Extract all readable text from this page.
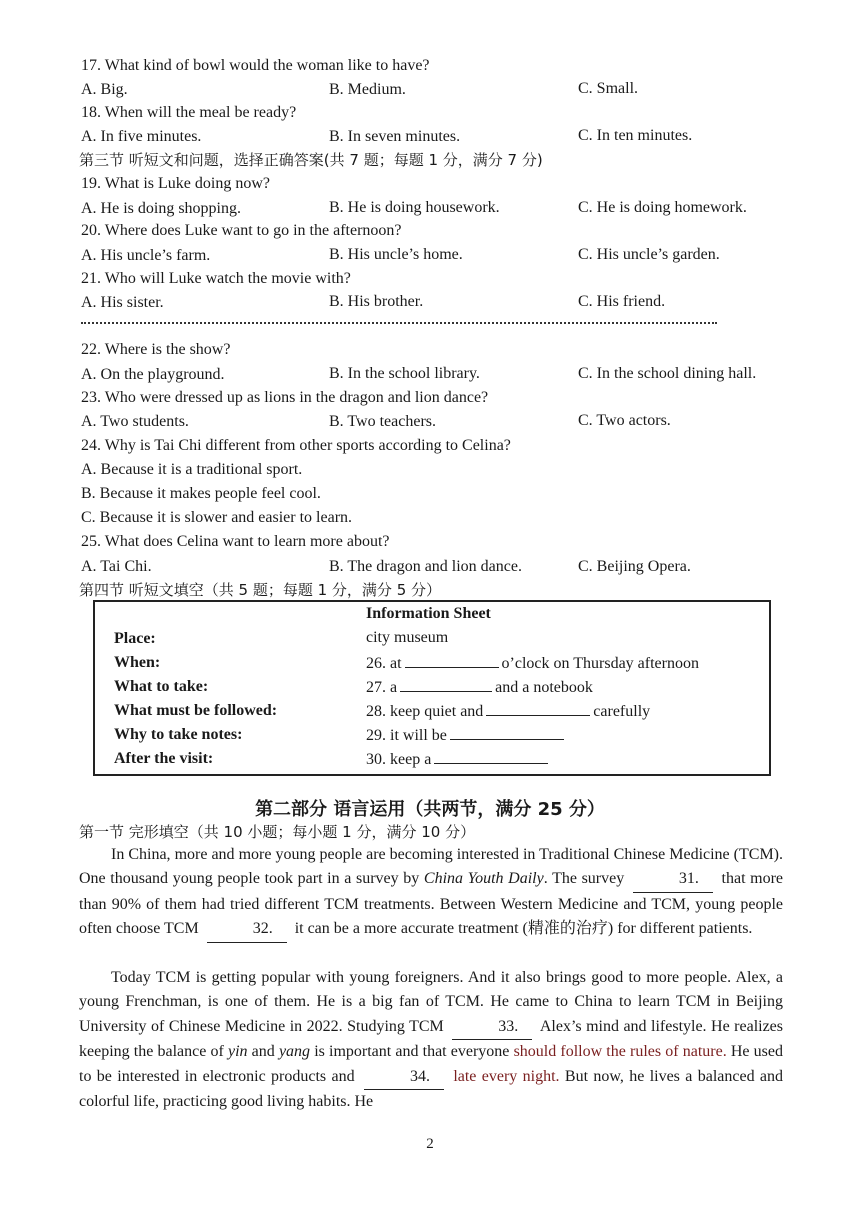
17. What kind of bowl would the woman like to have?
A. Big.	B. Medium.	C. Small.
18. When will the meal be ready?
A. In five minutes.	B. In seven minutes.	C. In ten minutes.
第三节 听短文和问题，选择正确答案(共 7 题；每题 1 分，满分 7 分)
19. What is Luke doing now?
A. He is doing shopping.	B. He is doing housework.	C. He is doing homework.
20. Where does Luke want to go in the afternoon?
A. His uncle’s farm.	B. His uncle’s home.	C. His uncle’s garden.
21. Who will Luke watch the movie with?
A. His sister.	B. His brother.	C. His friend.
22. Where is the show?
A. On the playground.	B. In the school library.	C. In the school dining hall.
23. Who were dressed up as lions in the dragon and lion dance?
A. Two students.	B. Two teachers.	C. Two actors.
24. Why is Tai Chi different from other sports according to Celina?
A. Because it is a traditional sport.
B. Because it makes people feel cool.
C. Because it is slower and easier to learn.
25. What does Celina want to learn more about?
A. Tai Chi.	B. The dragon and lion dance.	C. Beijing Opera.
第四节 听短文填空（共 5 题；每题 1 分，满分 5 分）
Information Sheet
Place:	city museum
When:	26. at	o’clock on Thursday afternoon
What to take:	27. a	and a notebook
What must be followed:	28. keep quiet and	carefully
Why to take notes:	29. it will be
After the visit:	30. keep a
第二部分 语言运用（共两节，满分 25 分）
第一节 完形填空（共 10 小题；每小题 1 分，满分 10 分）

In China, more and more young people are becoming interested in Traditional Chinese Medicine (TCM). One thousand young people took part in a survey by China Youth Daily. The survey	31. that more than 90% of them had tried different TCM treatments. Between Western Medicine and TCM, young people often choose TCM	32. it can be a more accurate treatment (精准的治疗) for different patients.

Today TCM is getting popular with young foreigners. And it also brings good to more people. Alex, a young Frenchman, is one of them. He is a big fan of TCM. He came to China to learn TCM in Beijing University of Chinese Medicine in 2022. Studying TCM	33. Alex’s mind and lifestyle. He realizes keeping the balance of yin and yang is important and that everyone should follow the rules of nature. He used to be interested in electronic products and	34. late every night. But now, he lives a balanced and colorful life, practicing good living habits. He

2
